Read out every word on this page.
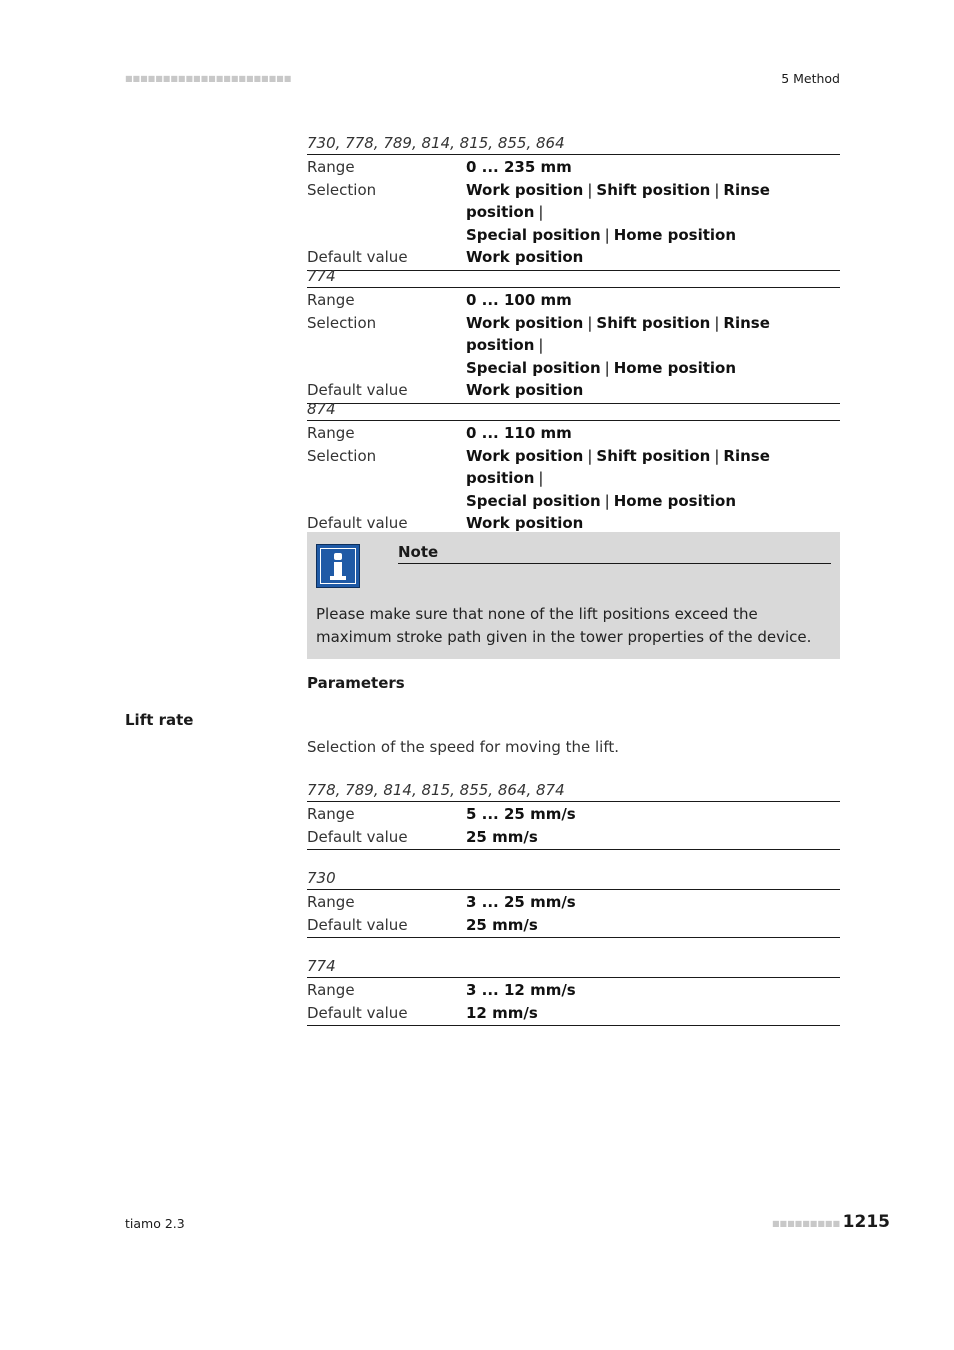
■■■■■■■■■■■■■■■■■■■■■■	5 Method
730, 778, 789, 814, 815, 855, 864
Range	0 ... 235 mm
Selection	Work position | Shift position | Rinse position |
Special position | Home position
Default value	Work position
774
Range	0 ... 100 mm
Selection	Work position | Shift position | Rinse position |
Special position | Home position
Default value	Work position
874
Range	0 ... 110 mm
Selection	Work position | Shift position | Rinse position |
Special position | Home position
Default value	Work position
Note
Please make sure that none of the lift positions exceed the maximum stroke path given in the tower properties of the device.
Parameters
Lift rate
Selection of the speed for moving the lift.
778, 789, 814, 815, 855, 864, 874
Range	5 ... 25 mm/s
Default value	25 mm/s
730
Range	3 ... 25 mm/s
Default value	25 mm/s
774
Range	3 ... 12 mm/s
Default value	12 mm/s
tiamo 2.3	■■■■■■■■■ 1215
